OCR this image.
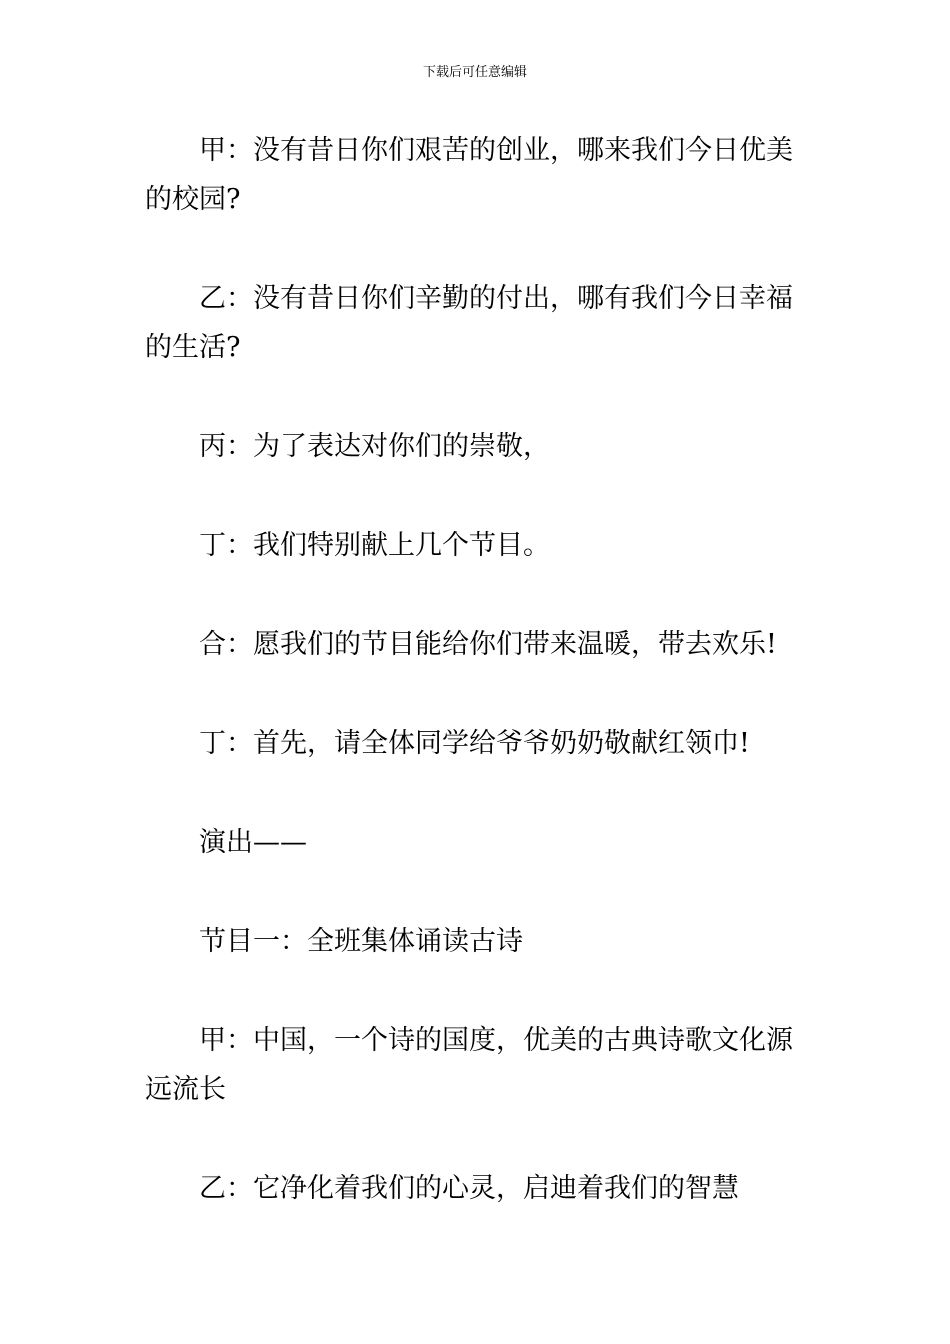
下载后可任意编辑

甲：没有昔日你们艰苦的创业，哪来我们今日优美的校园?

乙：没有昔日你们辛勤的付出，哪有我们今日幸福的生活?

丙：为了表达对你们的崇敬，

丁：我们特别献上几个节目。

合：愿我们的节目能给你们带来温暖，带去欢乐!

丁：首先，请全体同学给爷爷奶奶敬献红领巾!

演出——

节目一：全班集体诵读古诗

甲：中国，一个诗的国度，优美的古典诗歌文化源远流长

乙：它净化着我们的心灵，启迪着我们的智慧
